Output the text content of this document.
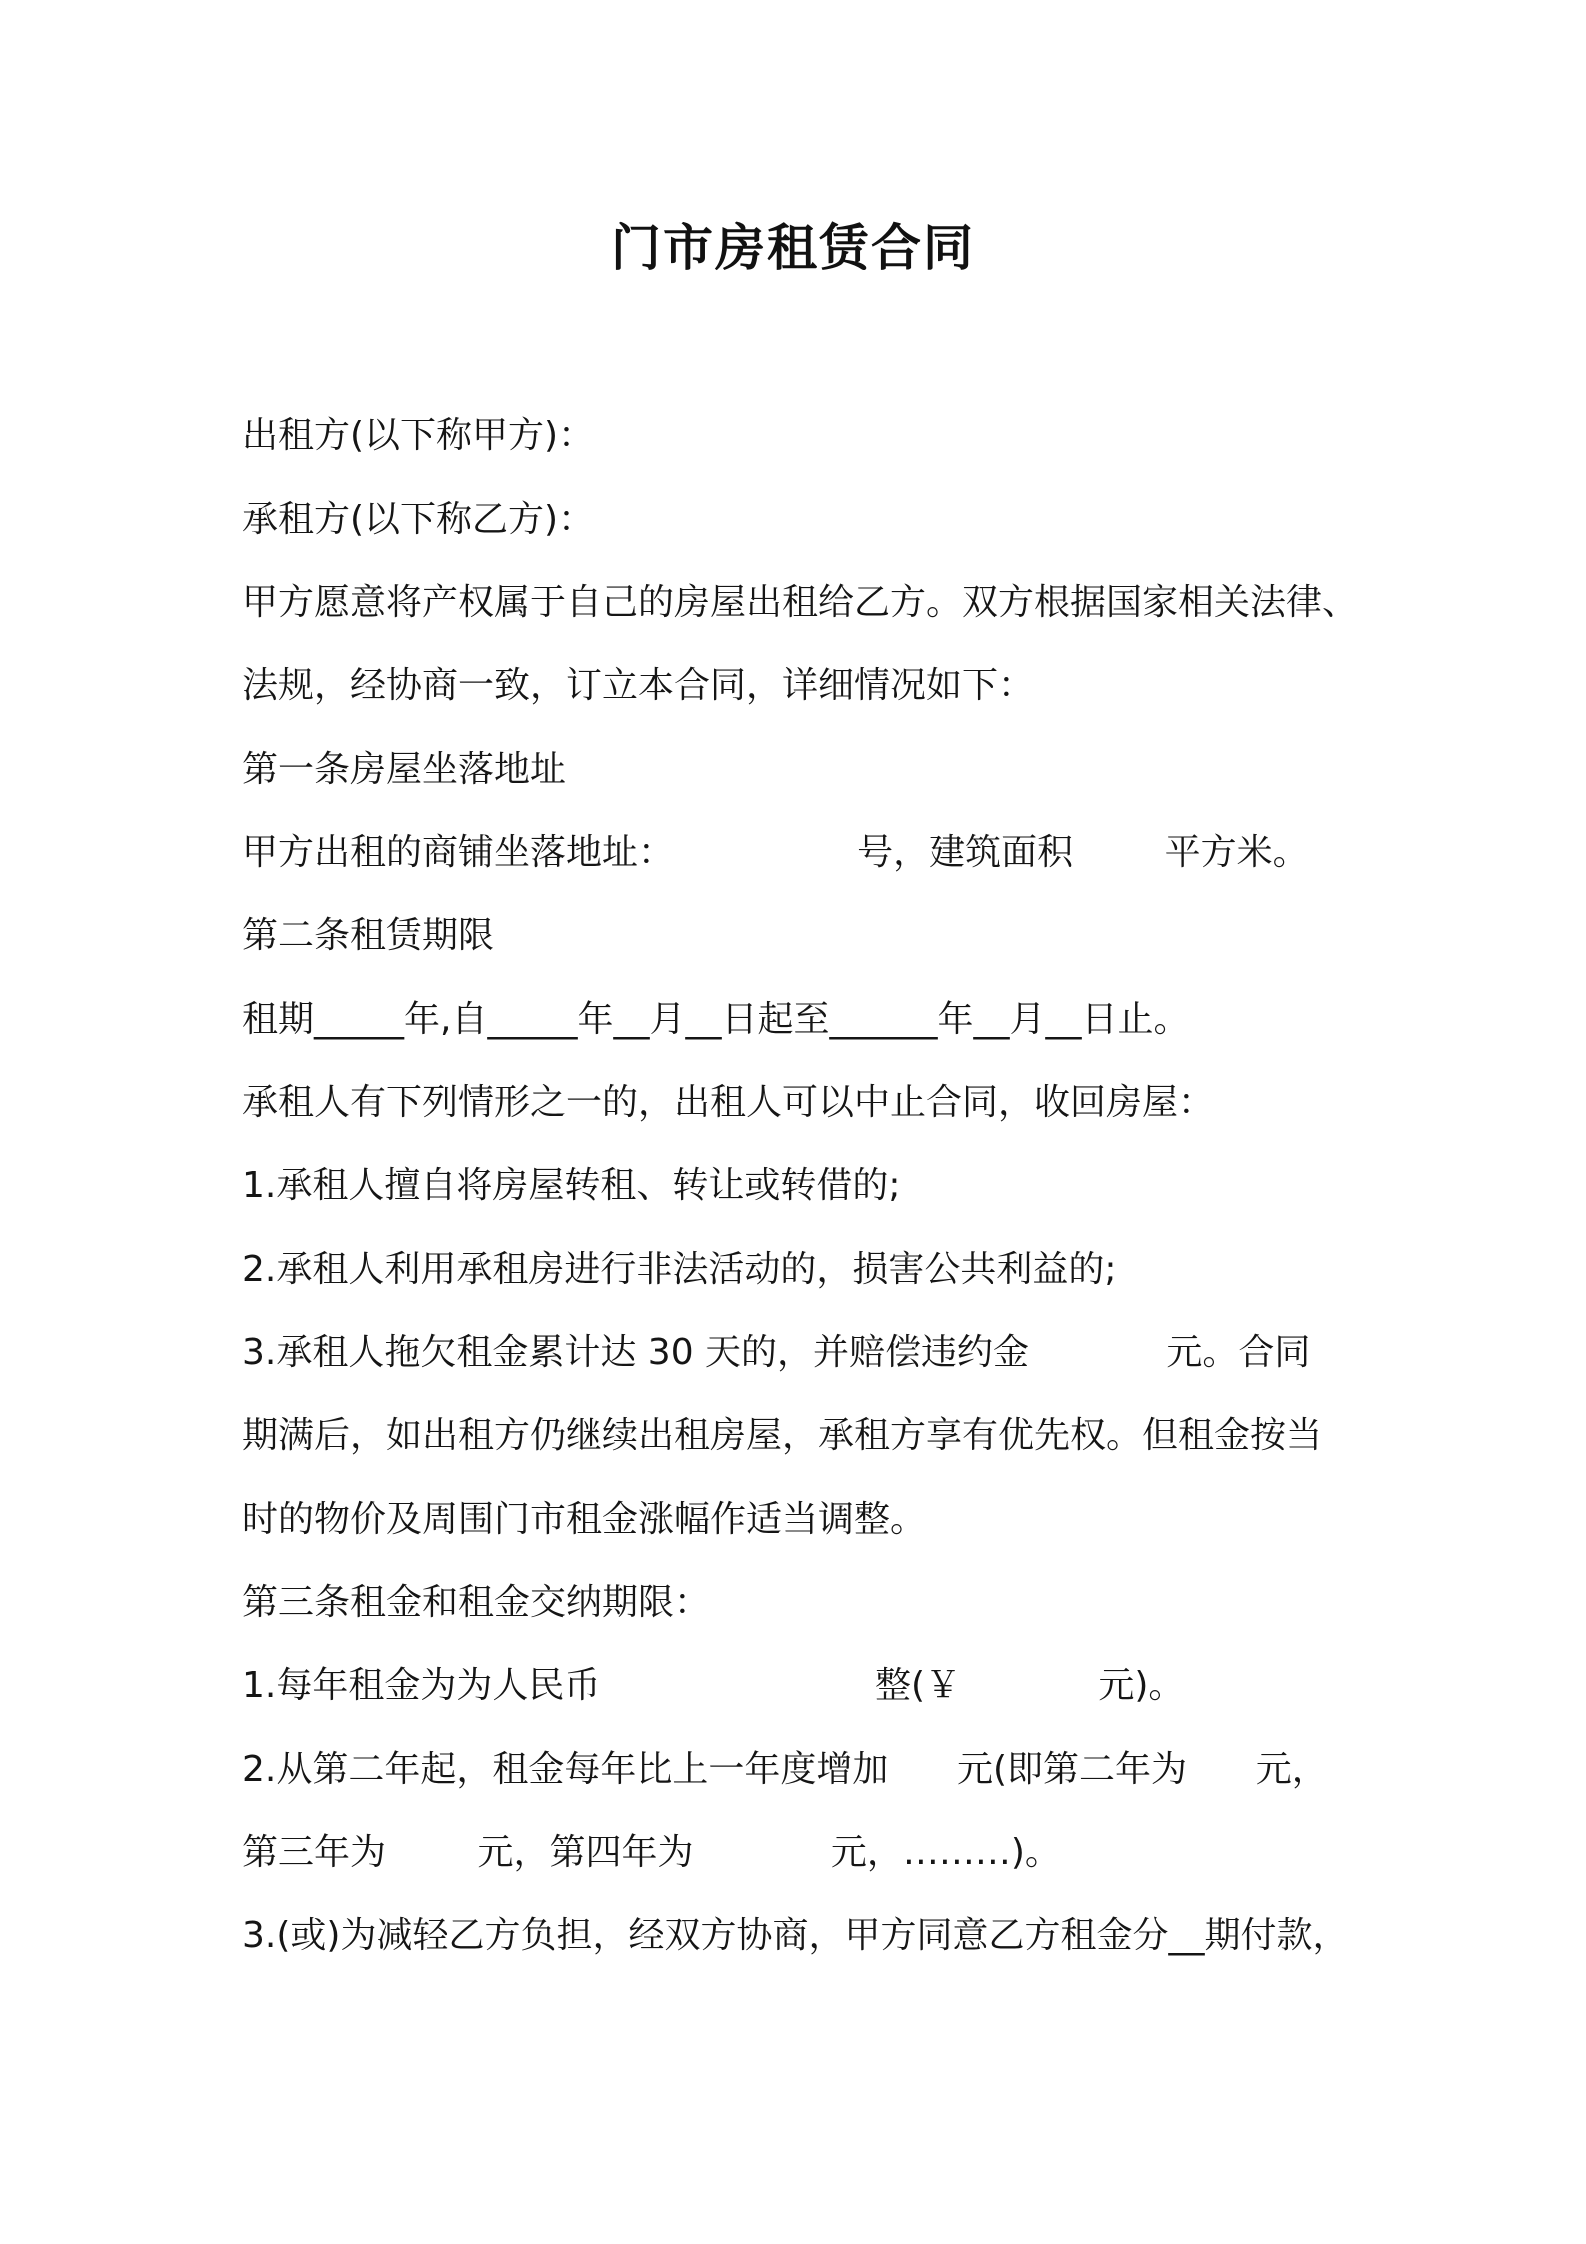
门市房租赁合同
出租方(以下称甲方)：
承租方(以下称乙方)：
甲方愿意将产权属于自己的房屋出租给乙方。双方根据国家相关法律、
法规，经协商一致，订立本合同，详细情况如下：
第一条房屋坐落地址
甲方出租的商铺坐落地址：                号，建筑面积        平方米。
第二条租赁期限
租期_____年,自_____年__月__日起至______年__月__日止。
承租人有下列情形之一的，出租人可以中止合同，收回房屋：
1.承租人擅自将房屋转租、转让或转借的;
2.承租人利用承租房进行非法活动的，损害公共利益的;
3.承租人拖欠租金累计达 30 天的，并赔偿违约金            元。合同
期满后，如出租方仍继续出租房屋，承租方享有优先权。但租金按当
时的物价及周围门市租金涨幅作适当调整。
第三条租金和租金交纳期限：
1.每年租金为为人民币                        整(￥            元)。
2.从第二年起，租金每年比上一年度增加      元(即第二年为      元，
第三年为        元，第四年为            元，………)。
3.(或)为减轻乙方负担，经双方协商，甲方同意乙方租金分__期付款，
